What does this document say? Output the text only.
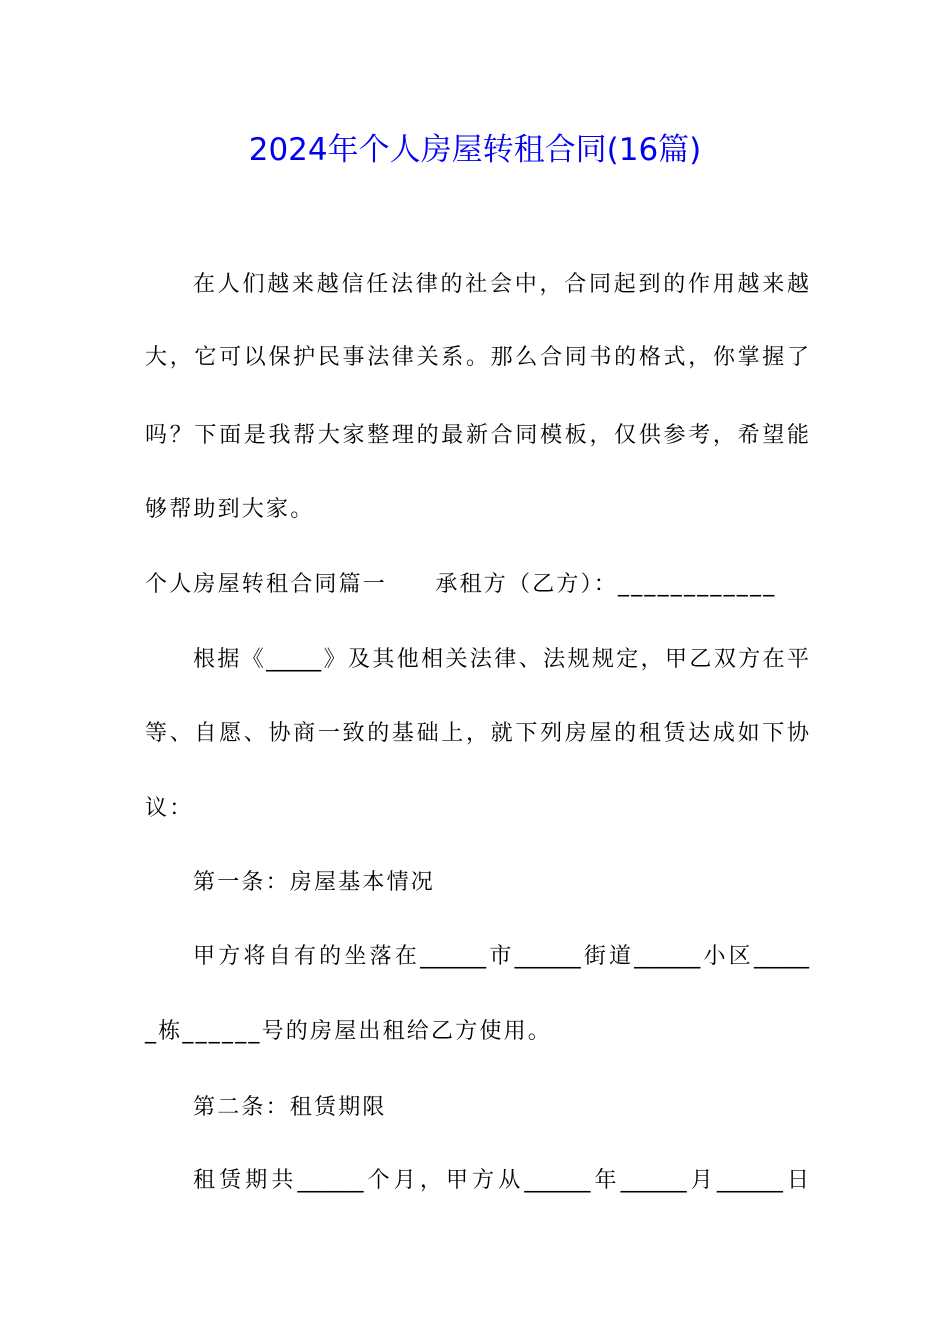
2024年个人房屋转租合同(16篇)
在人们越来越信任法律的社会中，合同起到的作用越来越
大，它可以保护民事法律关系。那么合同书的格式，你掌握了
吗？下面是我帮大家整理的最新合同模板，仅供参考，希望能
够帮助到大家。
个人房屋转租合同篇一　　承租方（乙方）：____________
根据《_____》及其他相关法律、法规规定，甲乙双方在平
等、自愿、协商一致的基础上，就下列房屋的租赁达成如下协
议：
第一条：房屋基本情况
甲方将自有的坐落在______市______街道______小区_____
_栋______号的房屋出租给乙方使用。
第二条：租赁期限
租赁期共______个月，甲方从______年______月______日
